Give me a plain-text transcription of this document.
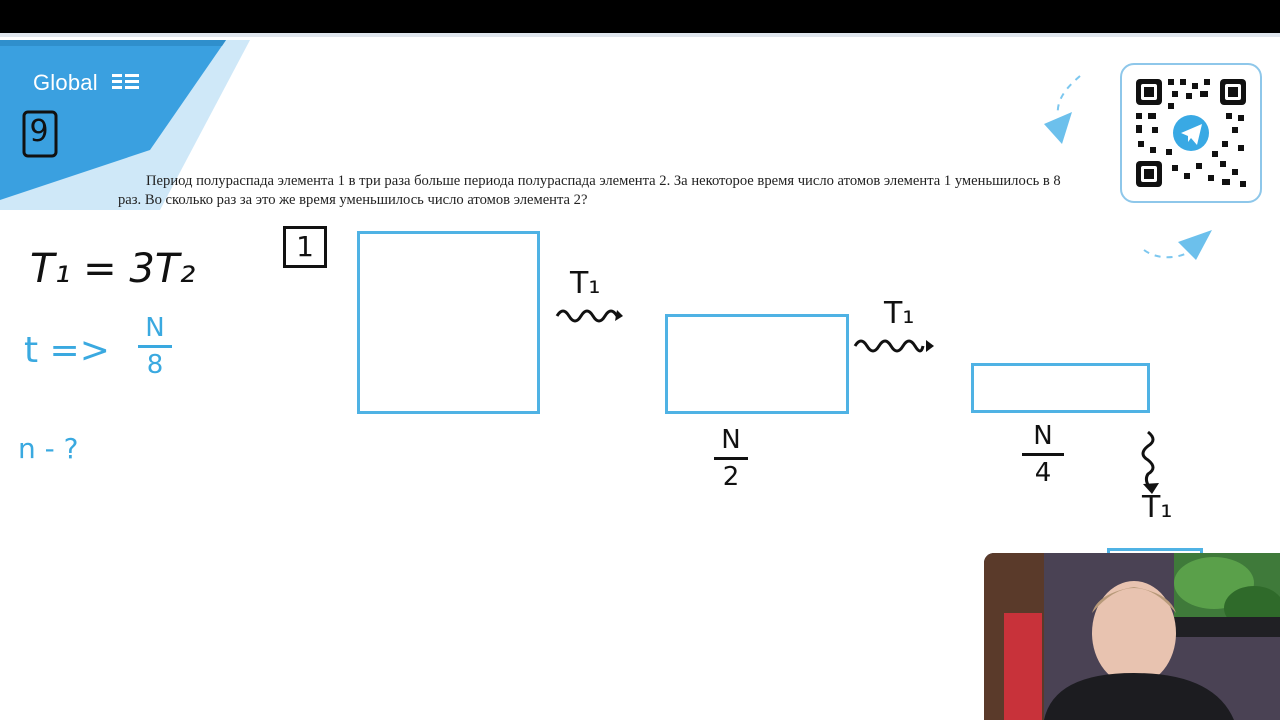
Global
9
Период полураспада элемента 1 в три раза больше периода полураспада элемента 2. За некоторое время число атомов элемента 1 уменьшилось в 8 раз. Во сколько раз за это же время уменьшилось число атомов элемента 2?
T₁ = 3T₂
t =>
N
8
n - ?
1
T₁
T₁
T₁
N
2
N
4
